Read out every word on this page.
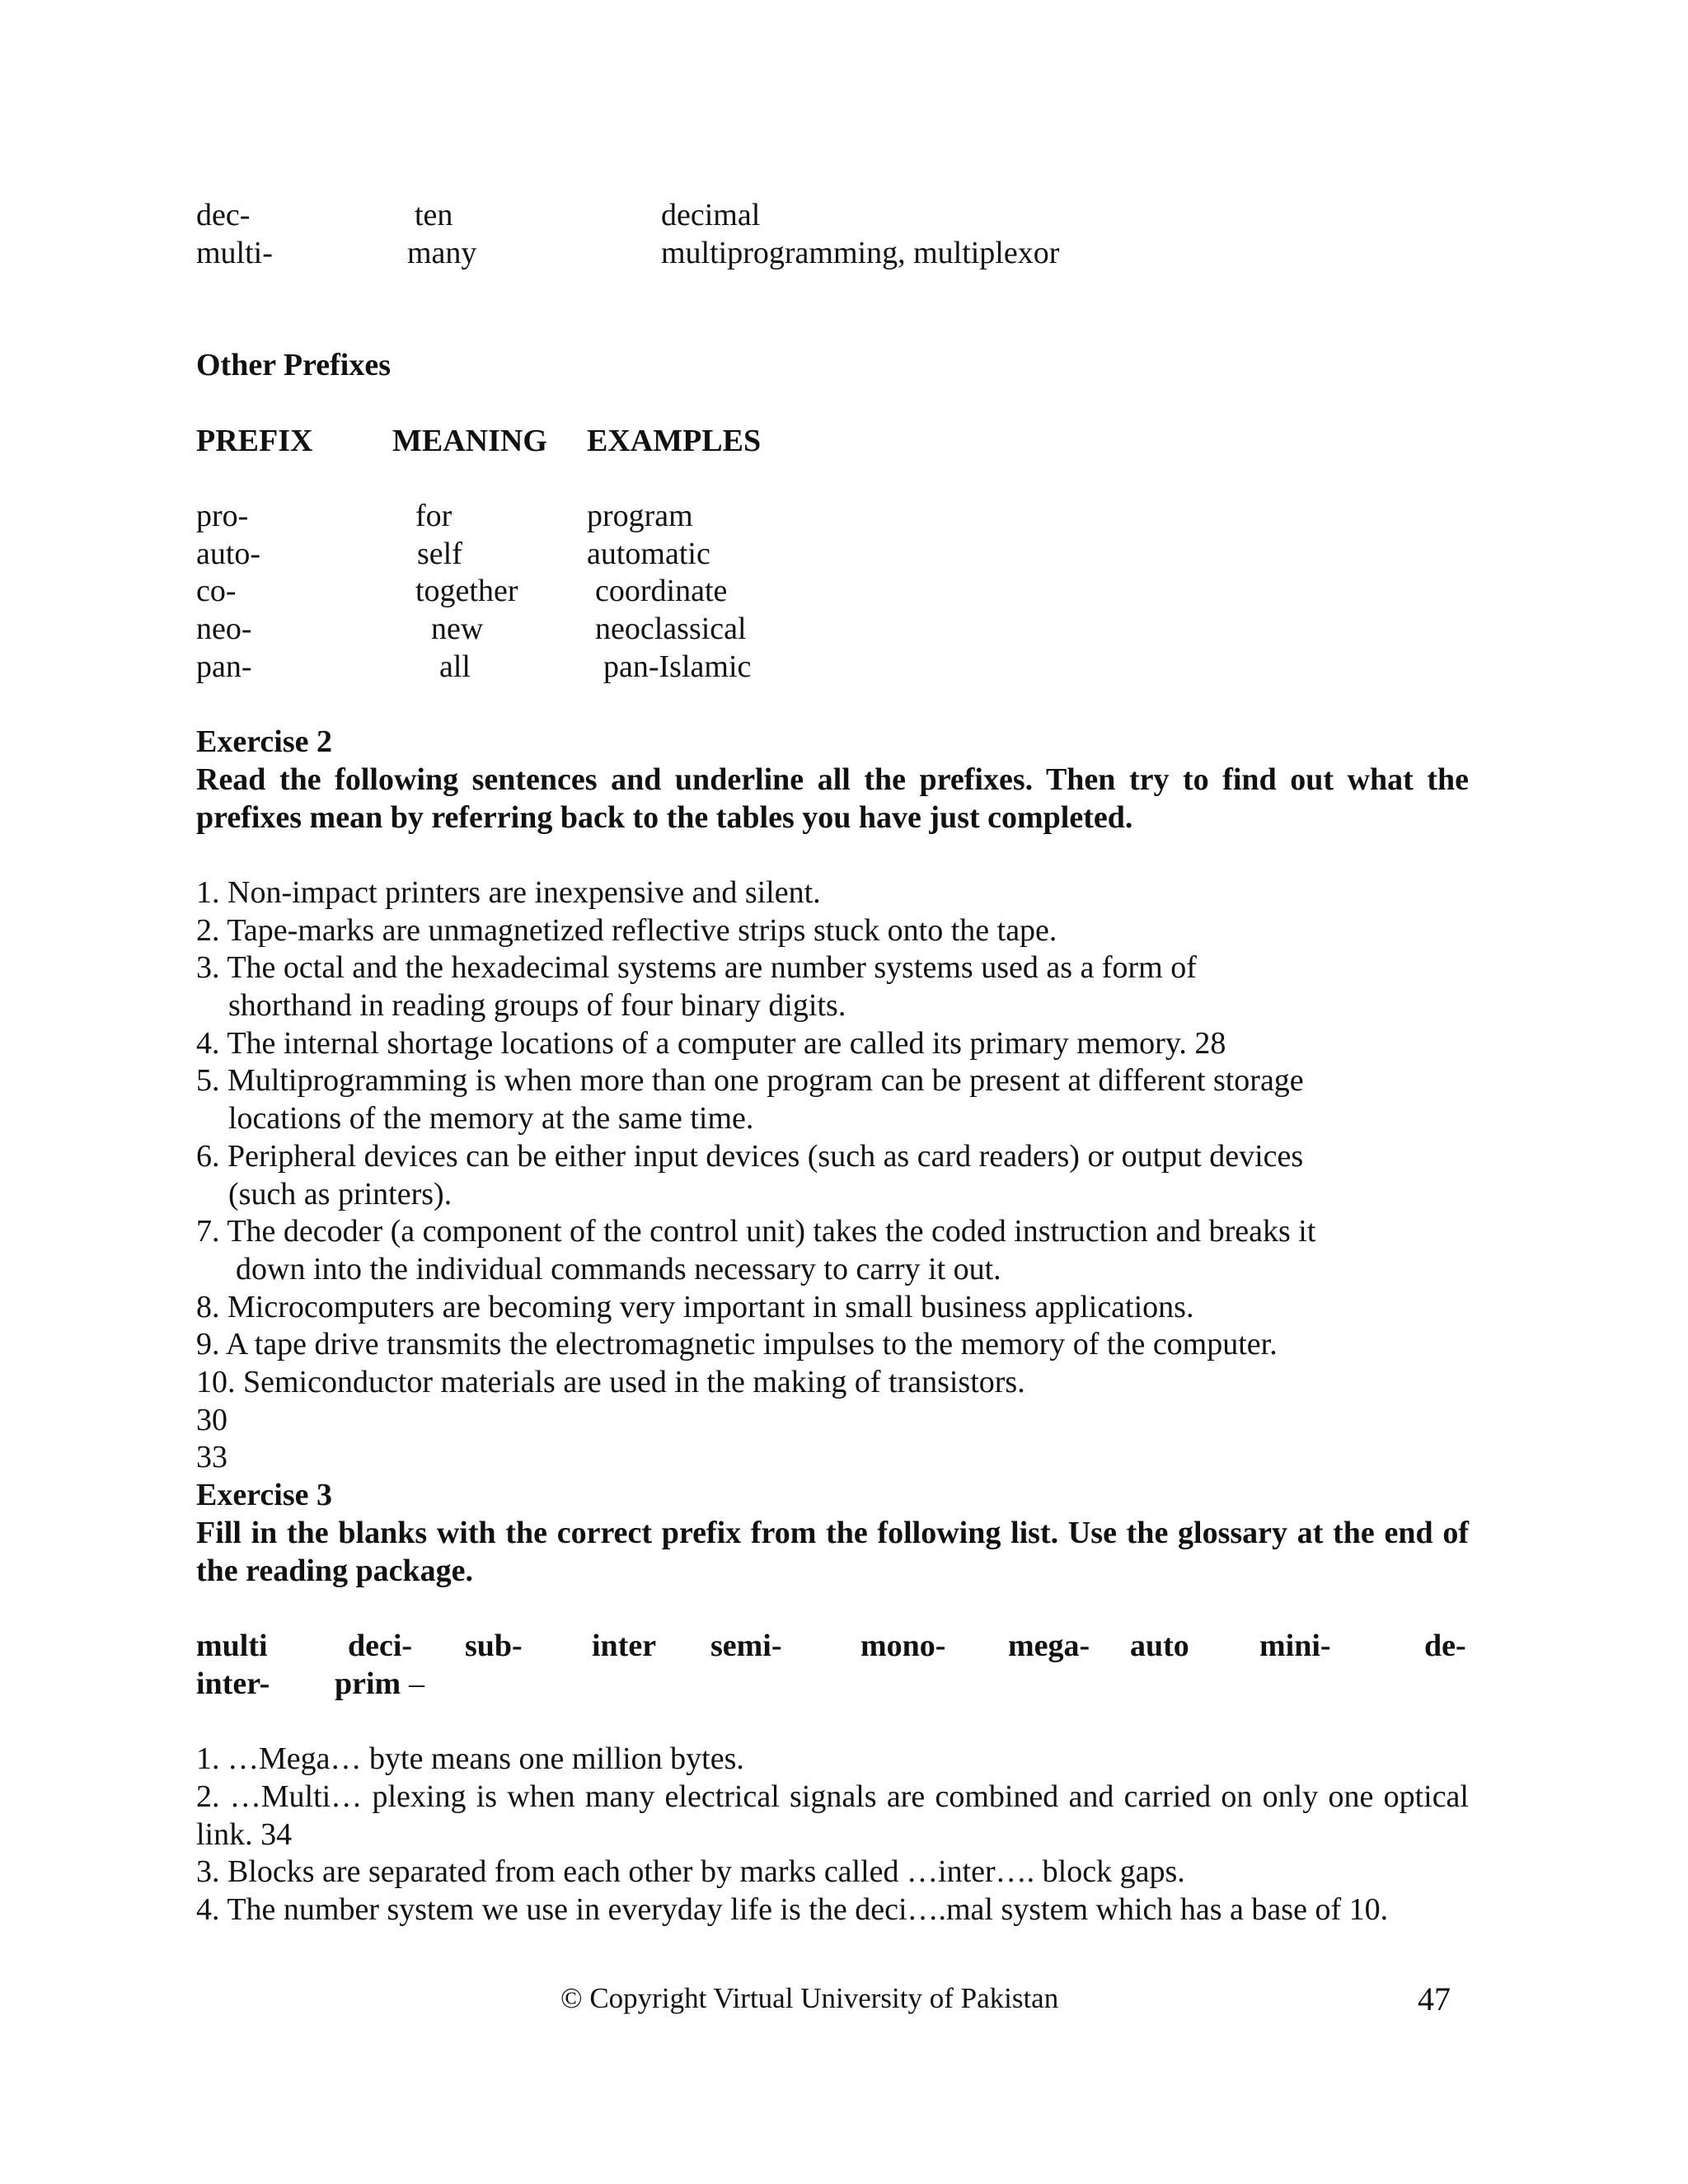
dec-	ten	decimal
multi-	many	multiprogramming, multiplexor
Other Prefixes
PREFIX	MEANING EXAMPLES
pro-	for	program
auto-	self	automatic
co-	together coordinate
neo-	new	neoclassical
pan-	all	pan-Islamic
Exercise 2
Read the following sentences and underline all the prefixes. Then try to find out what the prefixes mean by referring back to the tables you have just completed.
1. Non-impact printers are inexpensive and silent.
2. Tape-marks are unmagnetized reflective strips stuck onto the tape.
3. The octal and the hexadecimal systems are number systems used as a form of
shorthand in reading groups of four binary digits.
4. The internal shortage locations of a computer are called its primary memory. 28
5. Multiprogramming is when more than one program can be present at different storage
locations of the memory at the same time.
6. Peripheral devices can be either input devices (such as card readers) or output devices
(such as printers).
7. The decoder (a component of the control unit) takes the coded instruction and breaks it
down into the individual commands necessary to carry it out.
8. Microcomputers are becoming very important in small business applications.
9. A tape drive transmits the electromagnetic impulses to the memory of the computer.
10. Semiconductor materials are used in the making of transistors.
30
33
Exercise 3
Fill in the blanks with the correct prefix from the following list. Use the glossary at the end of the reading package.
multi	deci- sub- inter semi-	mono- mega- auto mini-	de-
inter- prim –
1. …Mega… byte means one million bytes.
2. …Multi… plexing is when many electrical signals are combined and carried on only one optical link. 34
3. Blocks are separated from each other by marks called …inter…. block gaps.
4. The number system we use in everyday life is the deci….mal system which has a base of 10.
© Copyright Virtual University of Pakistan	47
